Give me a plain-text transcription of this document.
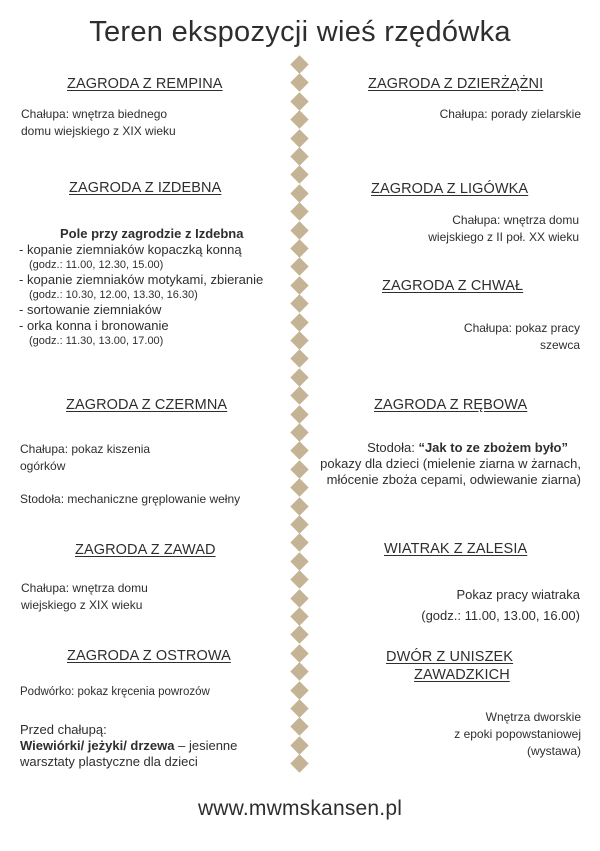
Teren ekspozycji wieś rzędówka
ZAGRODA Z REMPINA
Chałupa: wnętrza biednego
domu wiejskiego z XIX wieku
ZAGRODA Z IZDEBNA
Pole przy zagrodzie z Izdebna
- kopanie ziemniaków kopaczką konną
(godz.: 11.00, 12.30, 15.00)
- kopanie ziemniaków motykami, zbieranie
(godz.: 10.30, 12.00, 13.30, 16.30)
- sortowanie ziemniaków
- orka konna i bronowanie
(godz.: 11.30, 13.00, 17.00)
ZAGRODA Z CZERMNA
Chałupa: pokaz kiszenia
ogórków
Stodoła: mechaniczne gręplowanie wełny
ZAGRODA Z ZAWAD
Chałupa: wnętrza domu
wiejskiego z XIX wieku
ZAGRODA Z OSTROWA
Podwórko: pokaz kręcenia powrozów
Przed chałupą:
Wiewiórki/ jeżyki/ drzewa – jesienne
warsztaty plastyczne dla dzieci
ZAGRODA Z DZIERŻĄŻNI
Chałupa: porady zielarskie
ZAGRODA Z LIGÓWKA
Chałupa: wnętrza domu
wiejskiego z II poł. XX wieku
ZAGRODA Z CHWAŁ
Chałupa: pokaz pracy
szewca
ZAGRODA Z RĘBOWA
Stodoła: “Jak to ze zbożem było”
pokazy dla dzieci (mielenie ziarna w żarnach,
młócenie zboża cepami, odwiewanie ziarna)
WIATRAK Z ZALESIA
Pokaz pracy wiatraka
(godz.: 11.00, 13.00, 16.00)
DWÓR Z UNISZEK
ZAWADZKICH
Wnętrza dworskie
z epoki popowstaniowej
(wystawa)
www.mwmskansen.pl
